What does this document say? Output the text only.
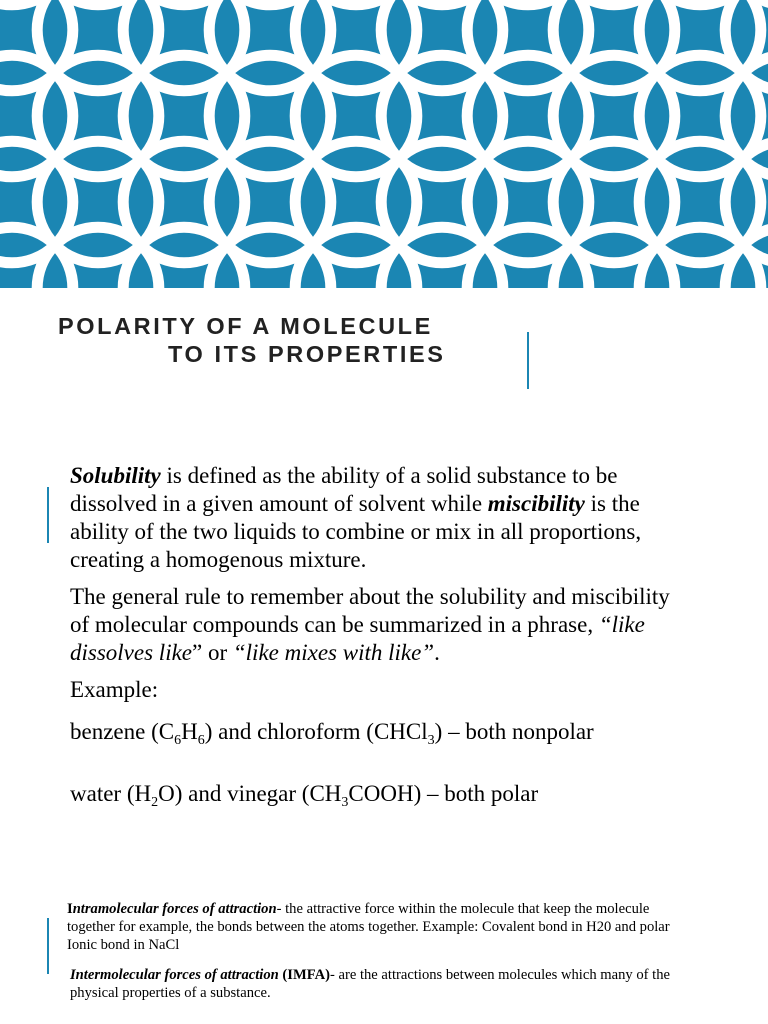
POLARITY OF A MOLECULE
TO ITS PROPERTIES

Solubility is defined as the ability of a solid substance to be dissolved in a given amount of solvent while miscibility is the ability of the two liquids to combine or mix in all proportions, creating a homogenous mixture.

The general rule to remember about the solubility and miscibility of molecular compounds can be summarized in a phrase, “like dissolves like” or “like mixes with like”.

Example:

benzene $(C_6H_6)$ and chloroform (CHCl$_3$) – both nonpolar

water $(H_2O)$ and vinegar $(CH_3COOH)$ – both polar

Intramolecular forces of attraction- the attractive force within the molecule that keep the molecule together for example, the bonds between the atoms together. Example: Covalent bond in H20 and polar Ionic bond in NaCl

Intermolecular forces of attraction (IMFA)- are the attractions between molecules which many of the physical properties of a substance.
